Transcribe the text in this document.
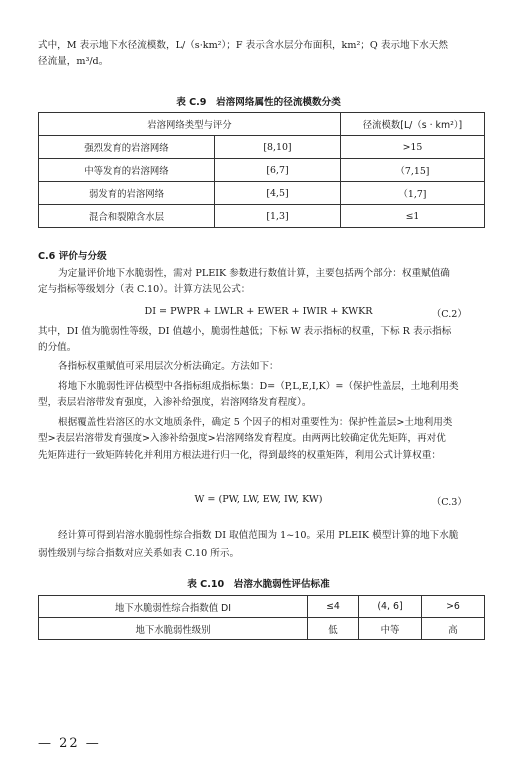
式中，M 表示地下水径流模数，L/（s·km²）；F 表示含水层分布面积，km²；Q 表示地下水天然
径流量，m³/d。
表 C.9　岩溶网络属性的径流模数分类
岩溶网络类型与评分		径流模数[L/（s · km²）]
强烈发育的岩溶网络	[8,10]	>15
中等发育的岩溶网络	[6,7]	（7,15]
弱发育的岩溶网络	[4,5]	（1,7]
混合和裂隙含水层	[1,3]	≤1
C.6 评价与分级
为定量评价地下水脆弱性，需对 PLEIK 参数进行数值计算，主要包括两个部分：权重赋值确
定与指标等级划分（表 C.10）。计算方法见公式：
DI = PWPR + LWLR + EWER + IWIR + KWKR	（C.2）
其中，DI 值为脆弱性等级，DI 值越小，脆弱性越低；下标 W 表示指标的权重，下标 R 表示指标
的分值。
各指标权重赋值可采用层次分析法确定。方法如下：
将地下水脆弱性评估模型中各指标组成指标集：D=（P,L,E,I,K）=（保护性盖层，土地利用类
型，表层岩溶带发育强度，入渗补给强度，岩溶网络发育程度）。
根据覆盖性岩溶区的水文地质条件，确定 5 个因子的相对重要性为：保护性盖层>土地利用类
型>表层岩溶带发育强度>入渗补给强度>岩溶网络发育程度。由两两比较确定优先矩阵，再对优
先矩阵进行一致矩阵转化并利用方根法进行归一化，得到最终的权重矩阵，利用公式计算权重：
W = (PW, LW, EW, IW, KW)	（C.3）
经计算可得到岩溶水脆弱性综合指数 DI 取值范围为 1~10。采用 PLEIK 模型计算的地下水脆
弱性级别与综合指数对应关系如表 C.10 所示。
表 C.10　岩溶水脆弱性评估标准
地下水脆弱性综合指数值 DI	≤4	(4, 6]	>6
地下水脆弱性级别	低	中等	高
— 22 —
